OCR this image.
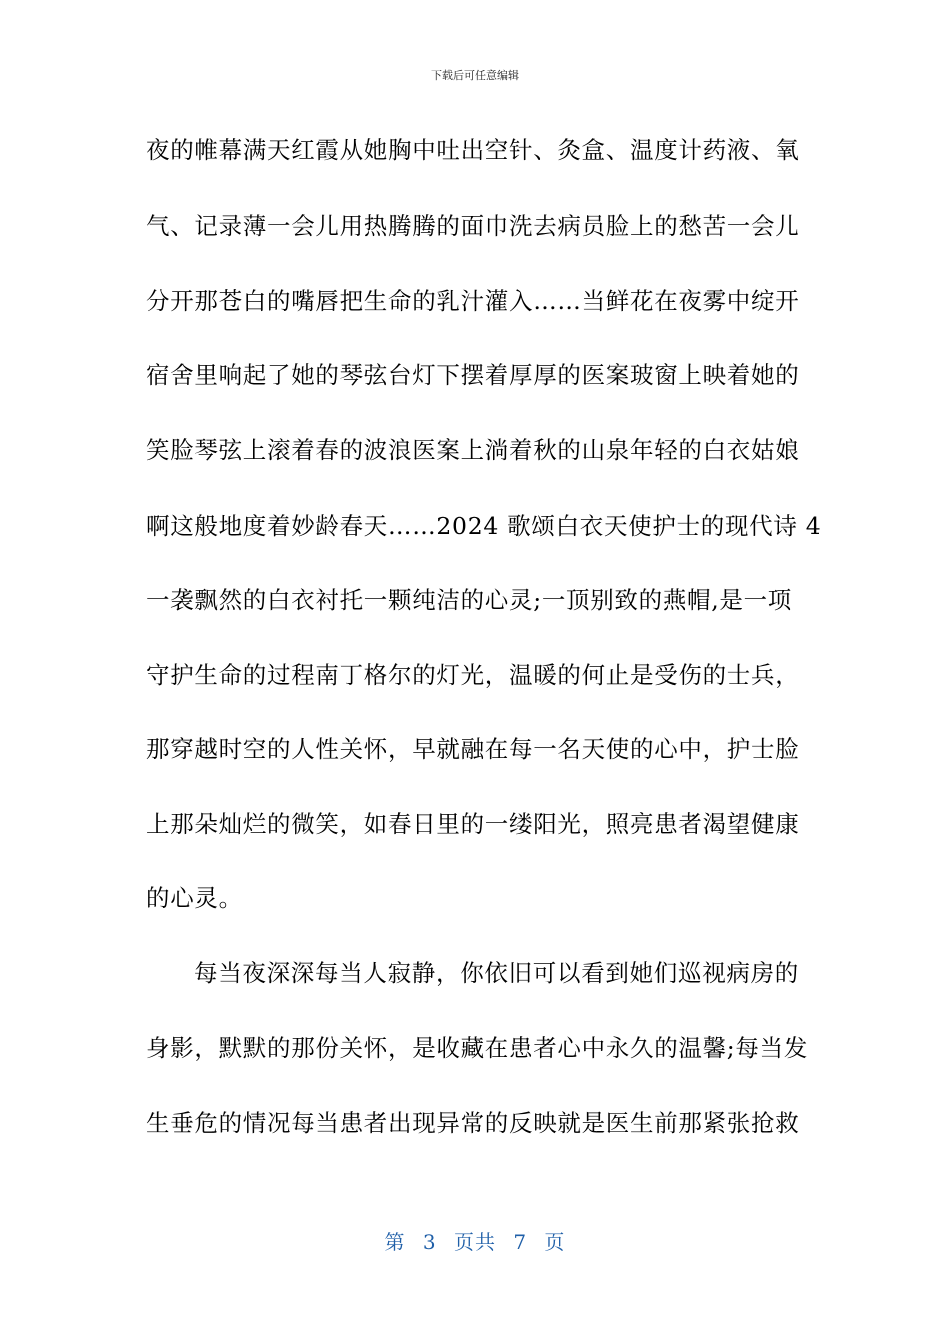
下载后可任意编辑
夜的帷幕满天红霞从她胸中吐出空针、灸盒、温度计药液、氧
气、记录薄一会儿用热腾腾的面巾洗去病员脸上的愁苦一会儿
分开那苍白的嘴唇把生命的乳汁灌入……当鲜花在夜雾中绽开
宿舍里响起了她的琴弦台灯下摆着厚厚的医案玻窗上映着她的
笑脸琴弦上滚着春的波浪医案上淌着秋的山泉年轻的白衣姑娘
啊这般地度着妙龄春天……2024 歌颂白衣天使护士的现代诗 4
一袭飘然的白衣衬托一颗纯洁的心灵;一顶别致的燕帽,是一项
守护生命的过程南丁格尔的灯光，温暖的何止是受伤的士兵，
那穿越时空的人性关怀，早就融在每一名天使的心中，护士脸
上那朵灿烂的微笑，如春日里的一缕阳光，照亮患者渴望健康
的心灵。
每当夜深深每当人寂静，你依旧可以看到她们巡视病房的
身影，默默的那份关怀，是收藏在患者心中永久的温馨;每当发
生垂危的情况每当患者出现异常的反映就是医生前那紧张抢救
第 3 页共 7 页
